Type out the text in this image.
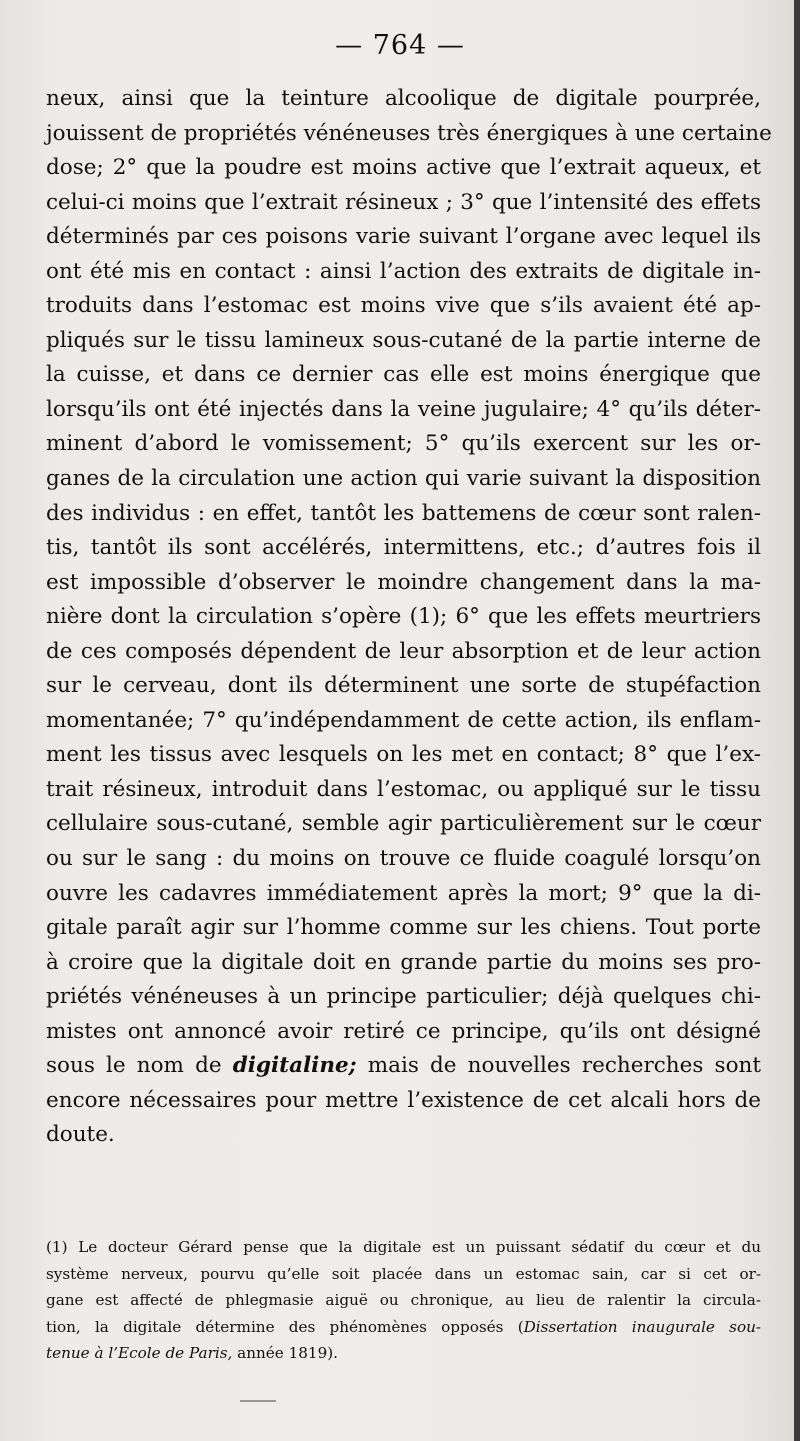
— 764 —
neux, ainsi que la teinture alcoolique de digitale pourprée,
jouissent de propriétés vénéneuses très énergiques à une certaine
dose; 2° que la poudre est moins active que l’extrait aqueux, et
celui-ci moins que l’extrait résineux ; 3° que l’intensité des effets
déterminés par ces poisons varie suivant l’organe avec lequel ils
ont été mis en contact : ainsi l’action des extraits de digitale in-
troduits dans l’estomac est moins vive que s’ils avaient été ap-
pliqués sur le tissu lamineux sous-cutané de la partie interne de
la cuisse, et dans ce dernier cas elle est moins énergique que
lorsqu’ils ont été injectés dans la veine jugulaire; 4° qu’ils déter-
minent d’abord le vomissement; 5° qu’ils exercent sur les or-
ganes de la circulation une action qui varie suivant la disposition
des individus : en effet, tantôt les battemens de cœur sont ralen-
tis, tantôt ils sont accélérés, intermittens, etc.; d’autres fois il
est impossible d’observer le moindre changement dans la ma-
nière dont la circulation s’opère (1); 6° que les effets meurtriers
de ces composés dépendent de leur absorption et de leur action
sur le cerveau, dont ils déterminent une sorte de stupéfaction
momentanée; 7° qu’indépendamment de cette action, ils enflam-
ment les tissus avec lesquels on les met en contact; 8° que l’ex-
trait résineux, introduit dans l’estomac, ou appliqué sur le tissu
cellulaire sous-cutané, semble agir particulièrement sur le cœur
ou sur le sang : du moins on trouve ce fluide coagulé lorsqu’on
ouvre les cadavres immédiatement après la mort; 9° que la di-
gitale paraît agir sur l’homme comme sur les chiens. Tout porte
à croire que la digitale doit en grande partie du moins ses pro-
priétés vénéneuses à un principe particulier; déjà quelques chi-
mistes ont annoncé avoir retiré ce principe, qu’ils ont désigné
sous le nom de digitaline; mais de nouvelles recherches sont
encore nécessaires pour mettre l’existence de cet alcali hors de
doute.
(1) Le docteur Gérard pense que la digitale est un puissant sédatif du cœur et du
système nerveux, pourvu qu’elle soit placée dans un estomac sain, car si cet or-
gane est affecté de phlegmasie aiguë ou chronique, au lieu de ralentir la circula-
tion, la digitale détermine des phénomènes opposés (Dissertation inaugurale sou-
tenue à l’Ecole de Paris, année 1819).
